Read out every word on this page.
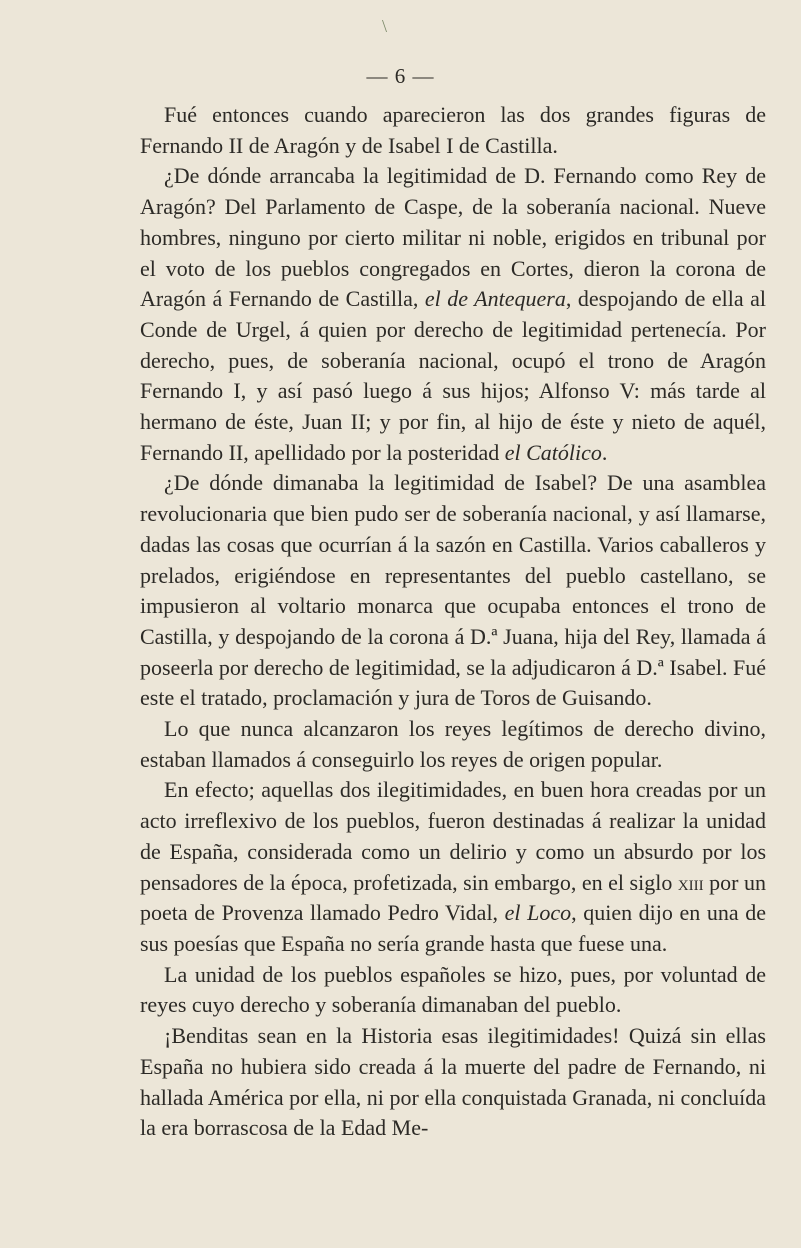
\
— 6 —

Fué entonces cuando aparecieron las dos grandes figuras de Fernando II de Aragón y de Isabel I de Castilla.

¿De dónde arrancaba la legitimidad de D. Fernando como Rey de Aragón? Del Parlamento de Caspe, de la soberanía nacional. Nueve hombres, ninguno por cierto militar ni noble, erigidos en tribunal por el voto de los pueblos congregados en Cortes, dieron la corona de Aragón á Fernando de Castilla, el de Antequera, despojando de ella al Conde de Urgel, á quien por derecho de legitimidad pertenecía. Por derecho, pues, de soberanía nacional, ocupó el trono de Aragón Fernando I, y así pasó luego á sus hijos; Alfonso V: más tarde al hermano de éste, Juan II; y por fin, al hijo de éste y nieto de aquél, Fernando II, apellidado por la posteridad el Católico.

¿De dónde dimanaba la legitimidad de Isabel? De una asamblea revolucionaria que bien pudo ser de soberanía nacional, y así llamarse, dadas las cosas que ocurrían á la sazón en Castilla. Varios caballeros y prelados, erigiéndose en representantes del pueblo castellano, se impusieron al voltario monarca que ocupaba entonces el trono de Castilla, y despojando de la corona á D.ª Juana, hija del Rey, llamada á poseerla por derecho de legitimidad, se la adjudicaron á D.ª Isabel. Fué este el tratado, proclamación y jura de Toros de Guisando.

Lo que nunca alcanzaron los reyes legítimos de derecho divino, estaban llamados á conseguirlo los reyes de origen popular.

En efecto; aquellas dos ilegitimidades, en buen hora creadas por un acto irreflexivo de los pueblos, fueron destinadas á realizar la unidad de España, considerada como un delirio y como un absurdo por los pensadores de la época, profetizada, sin embargo, en el siglo xiii por un poeta de Provenza llamado Pedro Vidal, el Loco, quien dijo en una de sus poesías que España no sería grande hasta que fuese una.

La unidad de los pueblos españoles se hizo, pues, por voluntad de reyes cuyo derecho y soberanía dimanaban del pueblo.

¡Benditas sean en la Historia esas ilegitimidades! Quizá sin ellas España no hubiera sido creada á la muerte del padre de Fernando, ni hallada América por ella, ni por ella conquistada Granada, ni concluída la era borrascosa de la Edad Me-
